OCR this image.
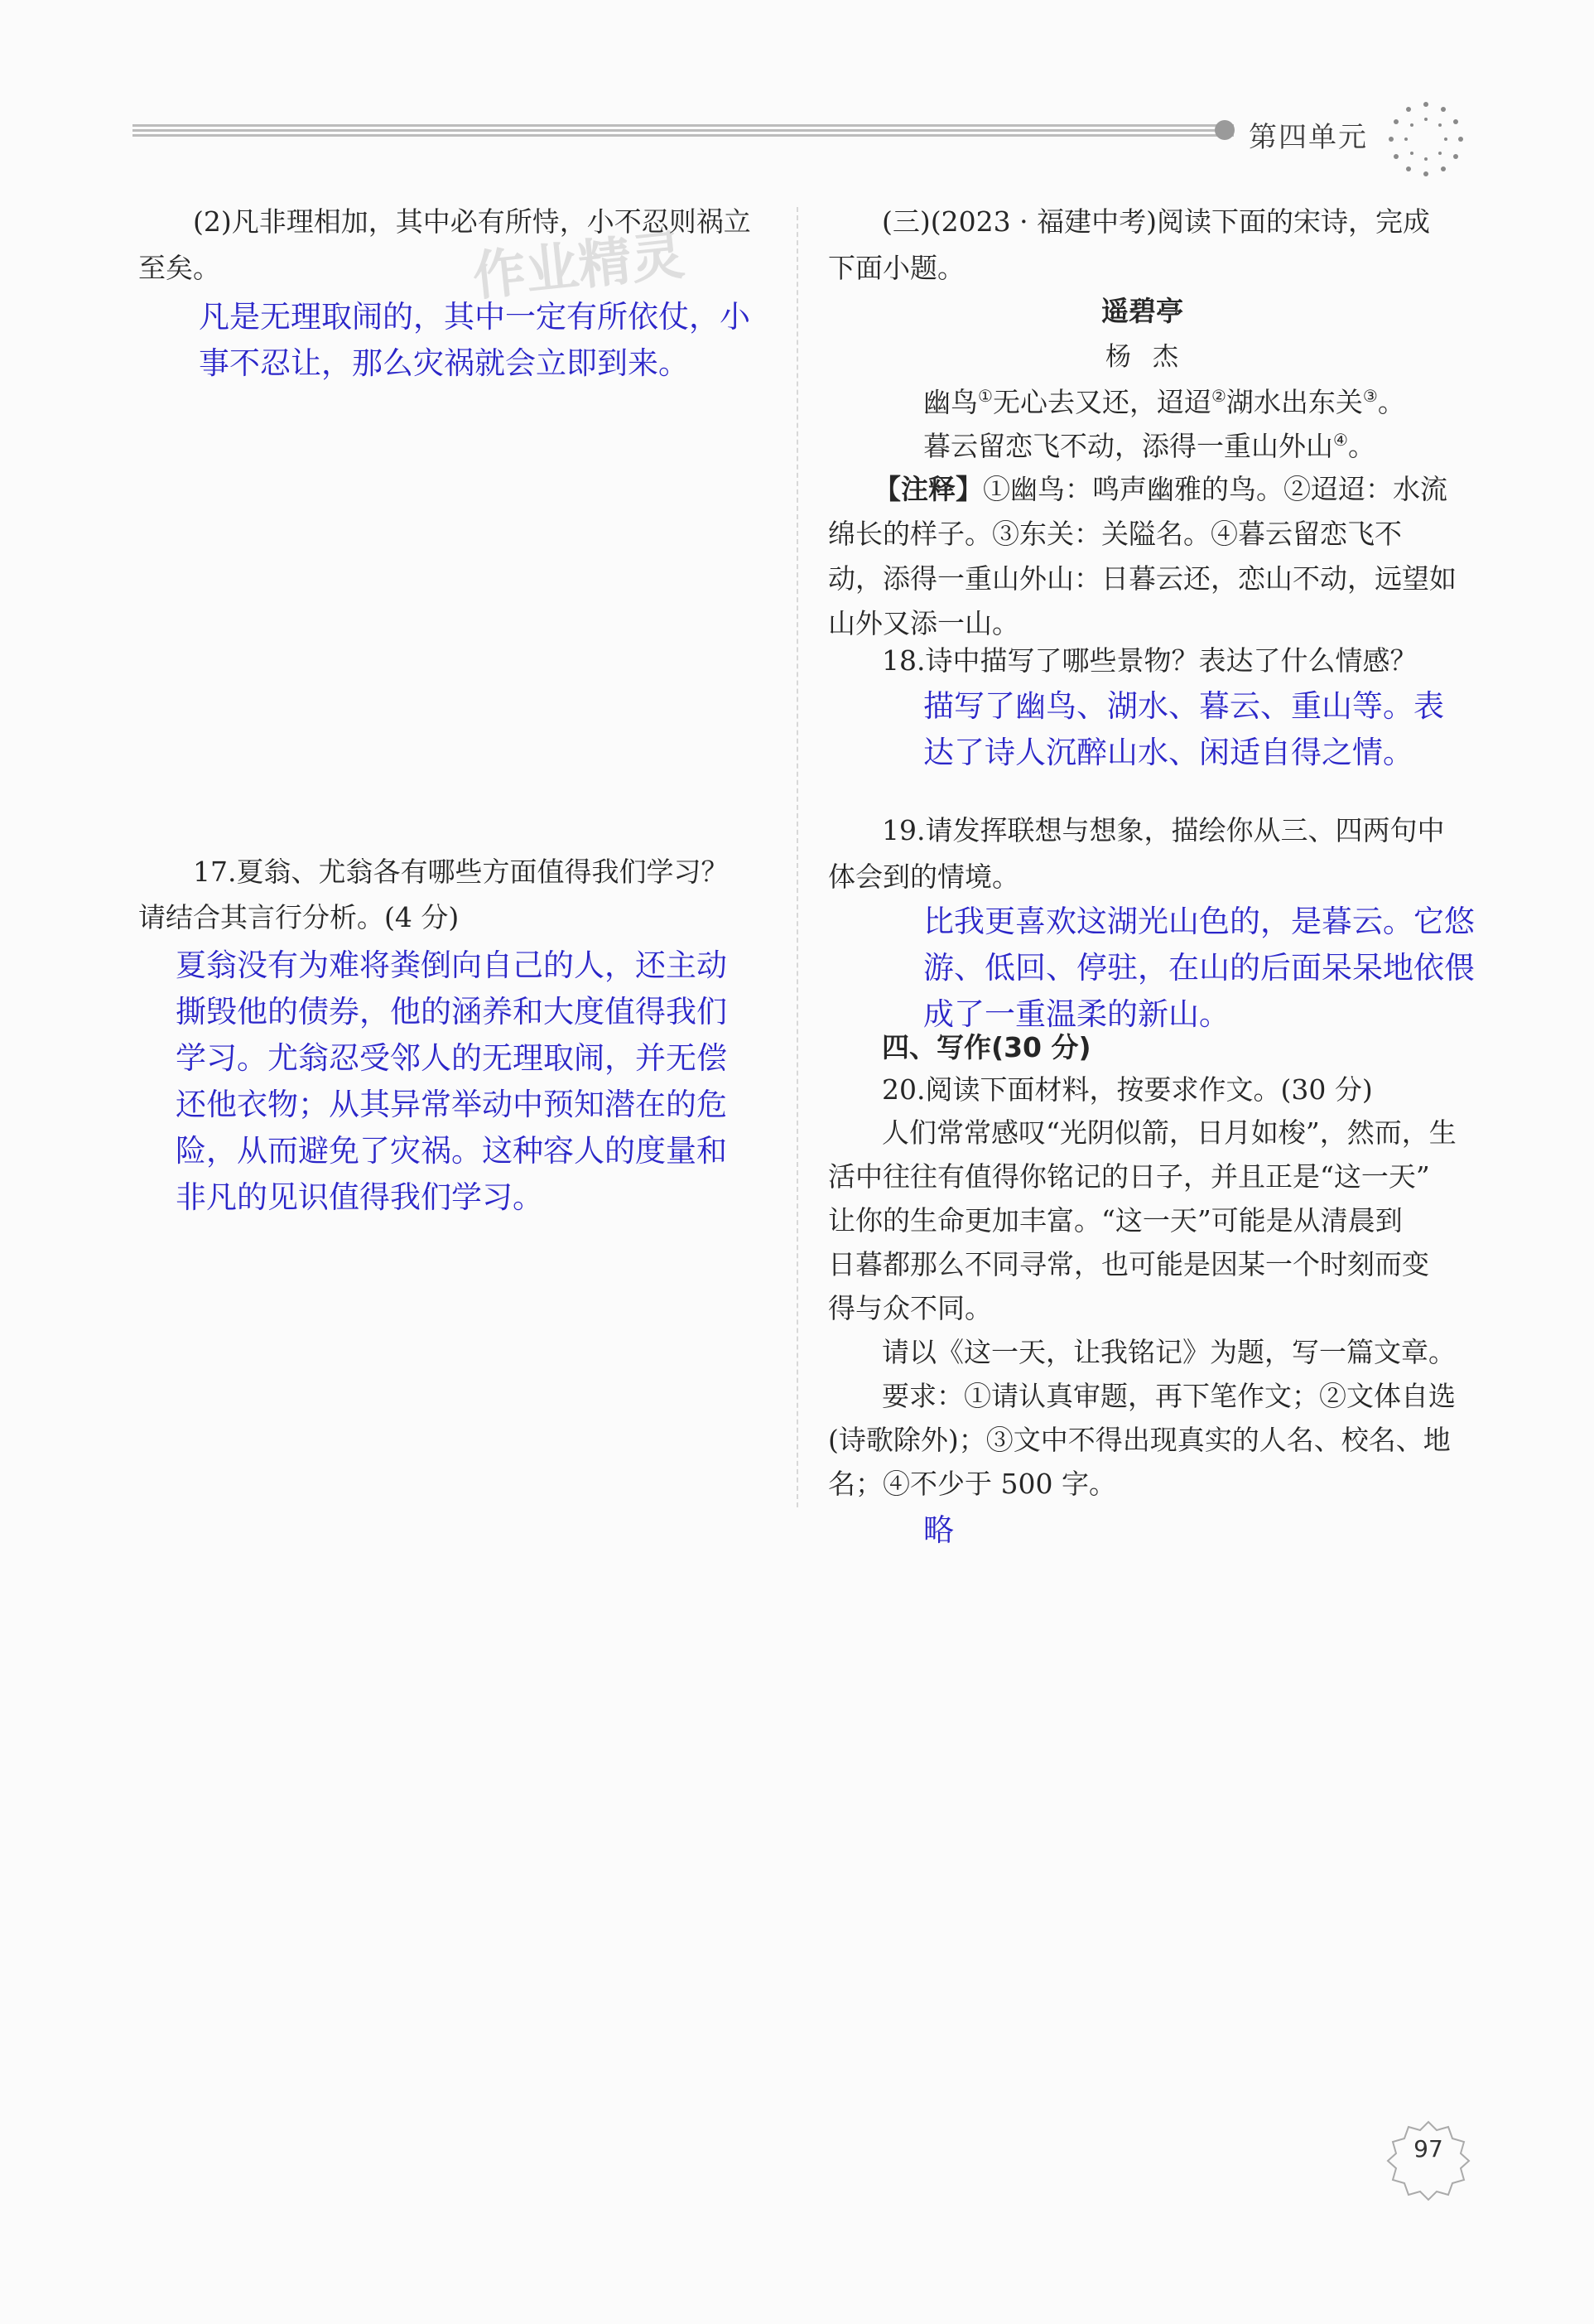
第四单元
作业精灵
(2)凡非理相加，其中必有所恃，小不忍则祸立
至矣。
凡是无理取闹的，其中一定有所依仗，小
事不忍让，那么灾祸就会立即到来。
17.夏翁、尤翁各有哪些方面值得我们学习？
请结合其言行分析。(4 分)
夏翁没有为难将粪倒向自己的人，还主动
撕毁他的债券，他的涵养和大度值得我们
学习。尤翁忍受邻人的无理取闹，并无偿
还他衣物；从其异常举动中预知潜在的危
险，从而避免了灾祸。这种容人的度量和
非凡的见识值得我们学习。
(三)(2023 · 福建中考)阅读下面的宋诗，完成
下面小题。
遥碧亭
杨杰
幽鸟①无心去又还，迢迢②湖水出东关③。
暮云留恋飞不动，添得一重山外山④。
【注释】①幽鸟：鸣声幽雅的鸟。②迢迢：水流
绵长的样子。③东关：关隘名。④暮云留恋飞不
动，添得一重山外山：日暮云还，恋山不动，远望如
山外又添一山。
18.诗中描写了哪些景物？表达了什么情感？
描写了幽鸟、湖水、暮云、重山等。表
达了诗人沉醉山水、闲适自得之情。
19.请发挥联想与想象，描绘你从三、四两句中
体会到的情境。
比我更喜欢这湖光山色的，是暮云。它悠
游、低回、停驻，在山的后面呆呆地依偎
成了一重温柔的新山。
四、写作(30 分)
20.阅读下面材料，按要求作文。(30 分)
人们常常感叹“光阴似箭，日月如梭”，然而，生
活中往往有值得你铭记的日子，并且正是“这一天”
让你的生命更加丰富。“这一天”可能是从清晨到
日暮都那么不同寻常，也可能是因某一个时刻而变
得与众不同。
请以《这一天，让我铭记》为题，写一篇文章。
要求：①请认真审题，再下笔作文；②文体自选
(诗歌除外)；③文中不得出现真实的人名、校名、地
名；④不少于 500 字。
略
97
